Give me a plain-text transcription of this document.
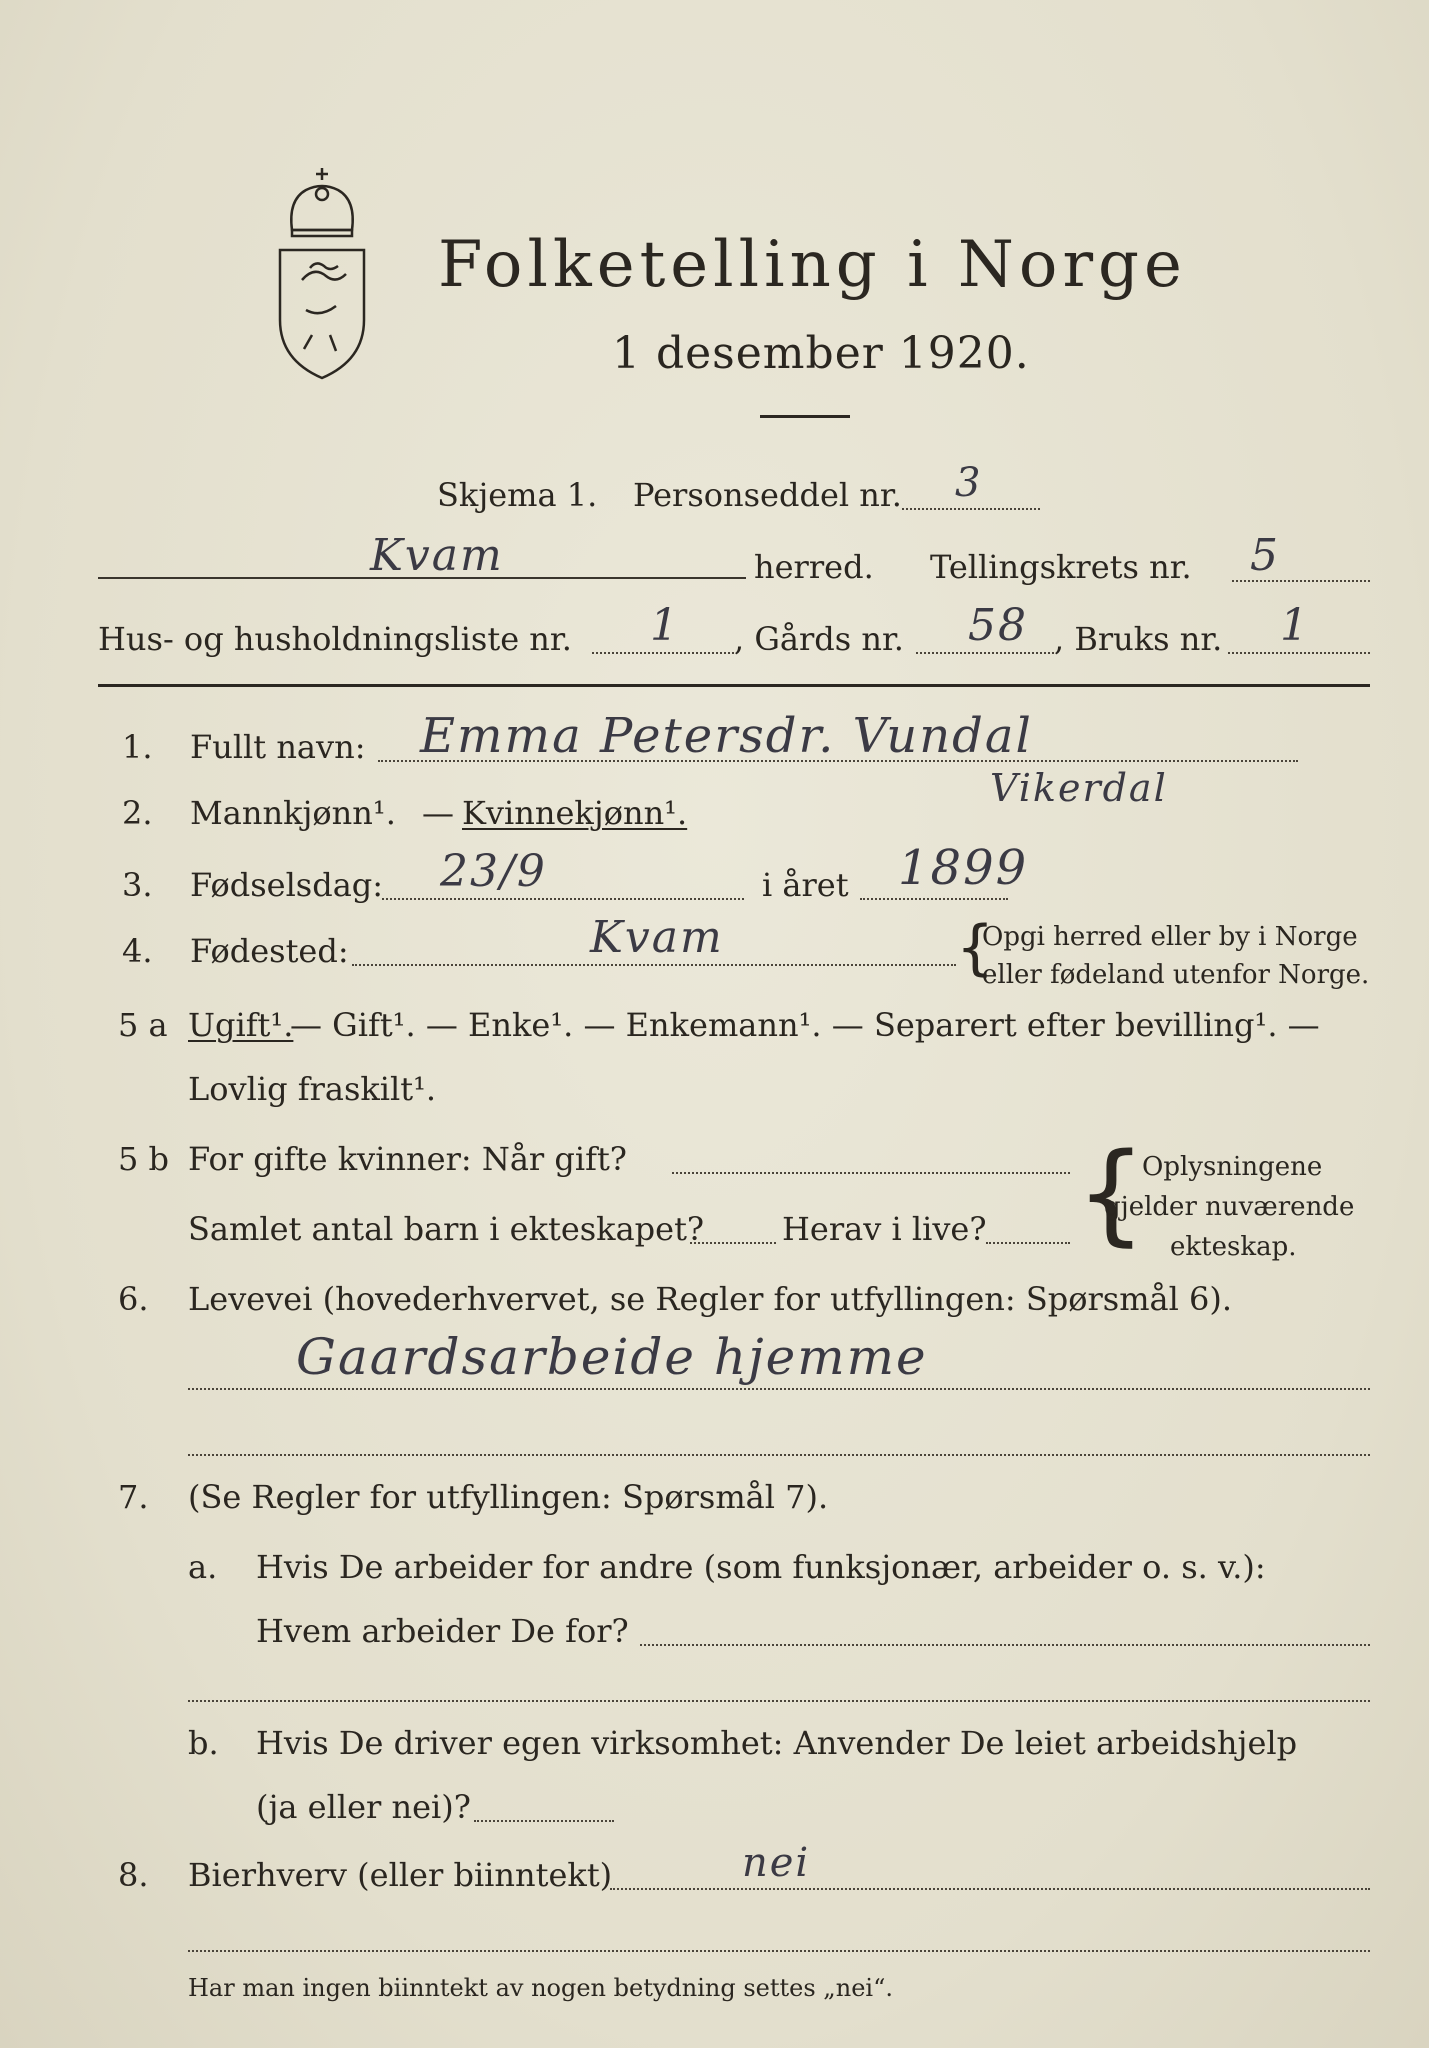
Folketelling i Norge
1 desember 1920.
Skjema 1. Personseddel nr. 3
Kvam	herred. Tellingskrets nr. 5
Hus- og husholdningsliste nr. 1 , Gårds nr. 58 , Bruks nr. 1
1. Fullt navn: Emma Petersdr. Vundal
Vikerdal
2. Mannkjønn¹. — Kvinnekjønn¹.
3. Fødselsdag: 23/9	i året 1899
4. Fødested:	Kvam	{
Opgi herred eller by i Norge
eller fødeland utenfor Norge.
5 a Ugift¹.
— Gift¹. — Enke¹. — Enkemann¹. — Separert efter bevilling¹. —
Lovlig fraskilt¹.
5 b For gifte kvinner: Når gift?
Samlet antal barn i ekteskapet? Herav i live? {
Oplysningene
gjelder nuværende
ekteskap.
6. Levevei (hovederhvervet, se Regler for utfyllingen: Spørsmål 6).
Gaardsarbeide hjemme
7. (Se Regler for utfyllingen: Spørsmål 7).
a. Hvis De arbeider for andre (som funksjonær, arbeider o. s. v.):
Hvem arbeider De for?
b. Hvis De driver egen virksomhet: Anvender De leiet arbeidshjelp
(ja eller nei)?
8. Bierhverv (eller biinntekt)	nei
Har man ingen biinntekt av nogen betydning settes „nei“.
